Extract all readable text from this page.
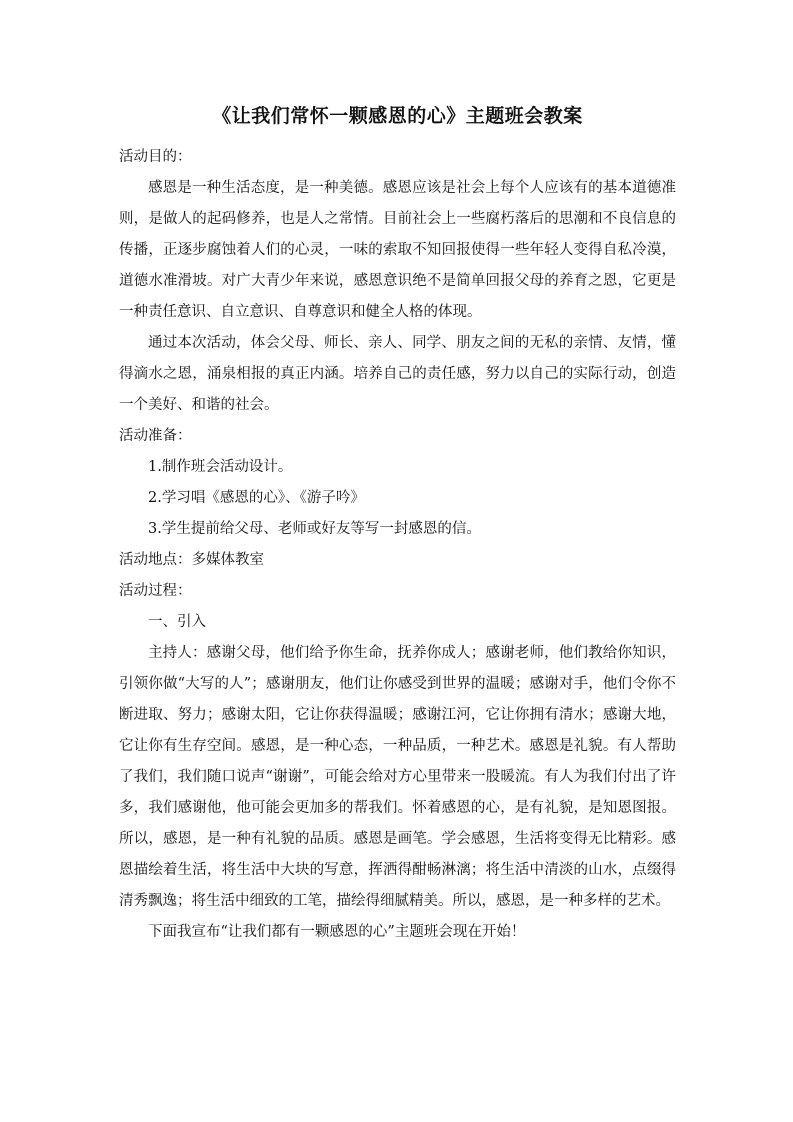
《让我们常怀一颗感恩的心》主题班会教案

活动目的：

感恩是一种生活态度，是一种美德。感恩应该是社会上每个人应该有的基本道德准则，是做人的起码修养，也是人之常情。目前社会上一些腐朽落后的思潮和不良信息的传播，正逐步腐蚀着人们的心灵，一味的索取不知回报使得一些年轻人变得自私冷漠，道德水准滑坡。对广大青少年来说，感恩意识绝不是简单回报父母的养育之恩，它更是一种责任意识、自立意识、自尊意识和健全人格的体现。

通过本次活动，体会父母、师长、亲人、同学、朋友之间的无私的亲情、友情，懂得滴水之恩，涌泉相报的真正内涵。培养自己的责任感，努力以自己的实际行动，创造一个美好、和谐的社会。

活动准备：

1.制作班会活动设计。

2.学习唱《感恩的心》、《游子吟》

3.学生提前给父母、老师或好友等写一封感恩的信。

活动地点：多媒体教室

活动过程：

一、引入

主持人：感谢父母，他们给予你生命，抚养你成人；感谢老师，他们教给你知识，引领你做“大写的人”；感谢朋友，他们让你感受到世界的温暖；感谢对手，他们令你不断进取、努力；感谢太阳，它让你获得温暖；感谢江河，它让你拥有清水；感谢大地，它让你有生存空间。感恩，是一种心态，一种品质，一种艺术。感恩是礼貌。有人帮助了我们，我们随口说声“谢谢”，可能会给对方心里带来一股暖流。有人为我们付出了许多，我们感谢他，他可能会更加多的帮我们。怀着感恩的心，是有礼貌，是知恩图报。所以，感恩，是一种有礼貌的品质。感恩是画笔。学会感恩，生活将变得无比精彩。感恩描绘着生活，将生活中大块的写意，挥洒得酣畅淋漓；将生活中清淡的山水，点缀得清秀飘逸；将生活中细致的工笔，描绘得细腻精美。所以，感恩，是一种多样的艺术。

下面我宣布“让我们都有一颗感恩的心”主题班会现在开始！
